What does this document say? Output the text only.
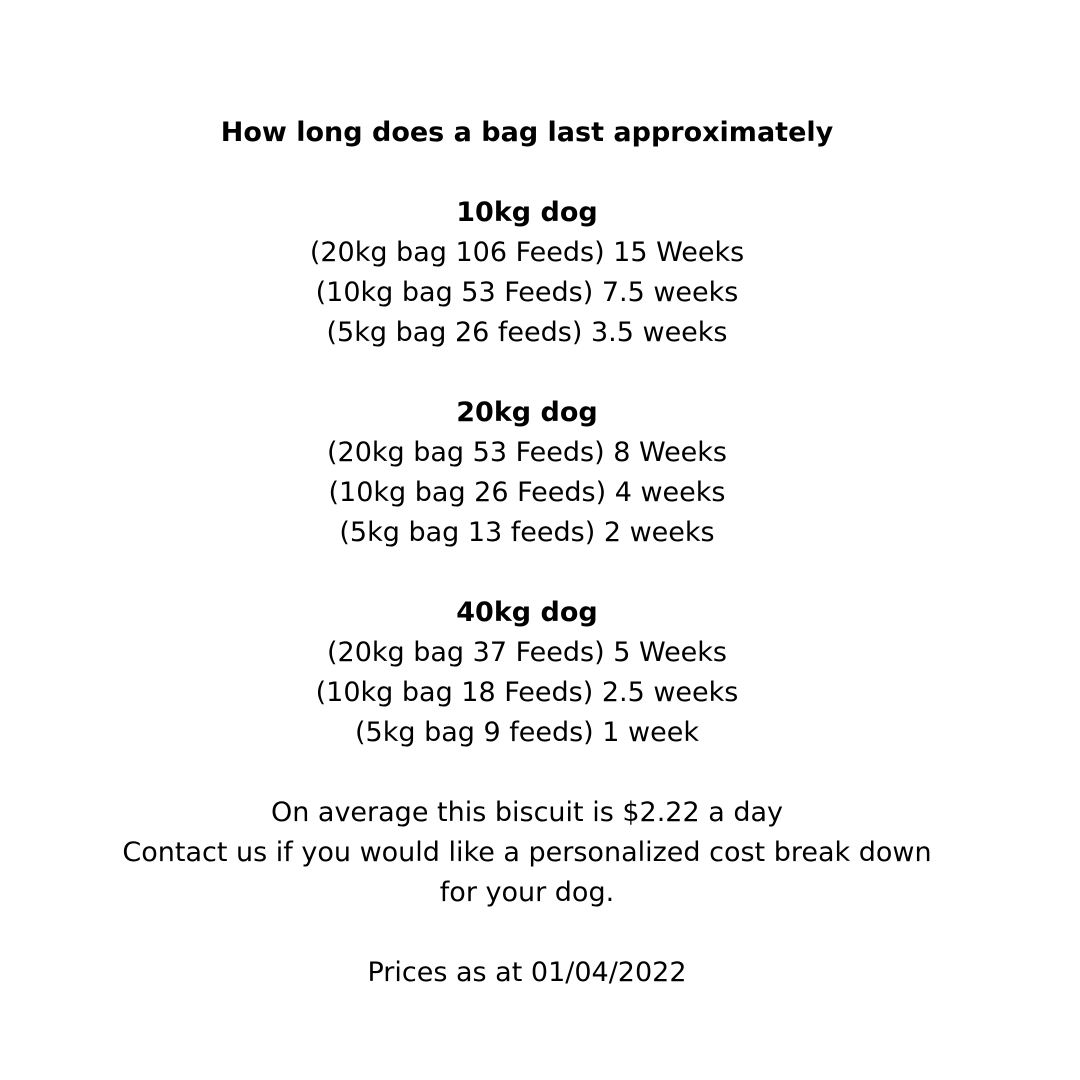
How long does a bag last approximately
10kg dog
(20kg bag 106 Feeds) 15 Weeks
(10kg bag 53 Feeds) 7.5 weeks
(5kg bag 26 feeds) 3.5 weeks
20kg dog
(20kg bag 53 Feeds) 8 Weeks
(10kg bag 26 Feeds) 4 weeks
(5kg bag 13 feeds) 2 weeks
40kg dog
(20kg bag 37 Feeds) 5 Weeks
(10kg bag 18 Feeds) 2.5 weeks
(5kg bag 9 feeds) 1 week
On average this biscuit is $2.22 a day
Contact us if you would like a personalized cost break down
for your dog.
Prices as at 01/04/2022
